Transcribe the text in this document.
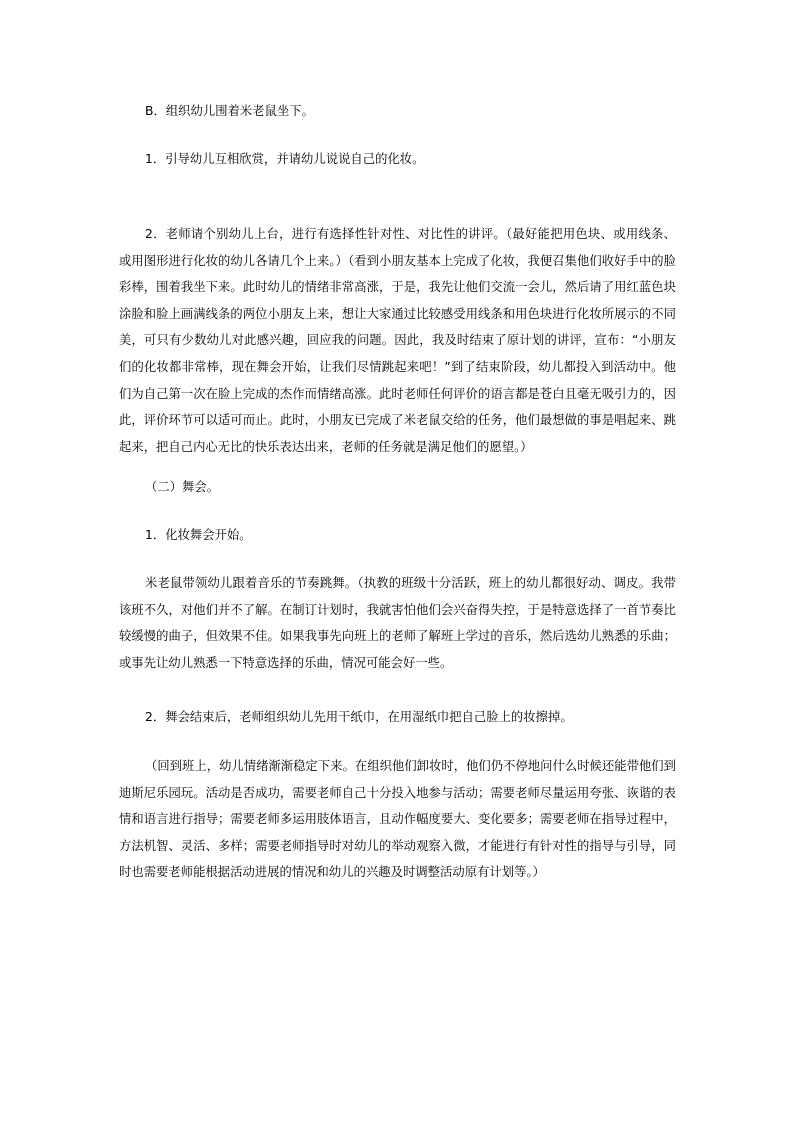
B．组织幼儿围着米老鼠坐下。

1．引导幼儿互相欣赏，并请幼儿说说自己的化妆。

2．老师请个别幼儿上台，进行有选择性针对性、对比性的讲评。（最好能把用色块、或用线条、或用图形进行化妆的幼儿各请几个上来。）（看到小朋友基本上完成了化妆，我便召集他们收好手中的脸彩棒，围着我坐下来。此时幼儿的情绪非常高涨，于是，我先让他们交流一会儿，然后请了用红蓝色块涂脸和脸上画满线条的两位小朋友上来，想让大家通过比较感受用线条和用色块进行化妆所展示的不同美，可只有少数幼儿对此感兴趣，回应我的问题。因此，我及时结束了原计划的讲评，宣布：“小朋友们的化妆都非常棒，现在舞会开始，让我们尽情跳起来吧！”到了结束阶段，幼儿都投入到活动中。他们为自己第一次在脸上完成的杰作而情绪高涨。此时老师任何评价的语言都是苍白且毫无吸引力的，因此，评价环节可以适可而止。此时，小朋友已完成了米老鼠交给的任务，他们最想做的事是唱起来、跳起来，把自己内心无比的快乐表达出来，老师的任务就是满足他们的愿望。）

（二）舞会。

1．化妆舞会开始。

米老鼠带领幼儿跟着音乐的节奏跳舞。（执教的班级十分活跃，班上的幼儿都很好动、调皮。我带该班不久，对他们并不了解。在制订计划时，我就害怕他们会兴奋得失控，于是特意选择了一首节奏比较缓慢的曲子，但效果不佳。如果我事先向班上的老师了解班上学过的音乐，然后选幼儿熟悉的乐曲；或事先让幼儿熟悉一下特意选择的乐曲，情况可能会好一些。

2．舞会结束后，老师组织幼儿先用干纸巾，在用湿纸巾把自己脸上的妆擦掉。

（回到班上，幼儿情绪渐渐稳定下来。在组织他们卸妆时，他们仍不停地问什么时候还能带他们到迪斯尼乐园玩。活动是否成功，需要老师自己十分投入地参与活动；需要老师尽量运用夸张、诙谐的表情和语言进行指导；需要老师多运用肢体语言，且动作幅度要大、变化要多；需要老师在指导过程中，方法机智、灵活、多样；需要老师指导时对幼儿的举动观察入微，才能进行有针对性的指导与引导，同时也需要老师能根据活动进展的情况和幼儿的兴趣及时调整活动原有计划等。）
